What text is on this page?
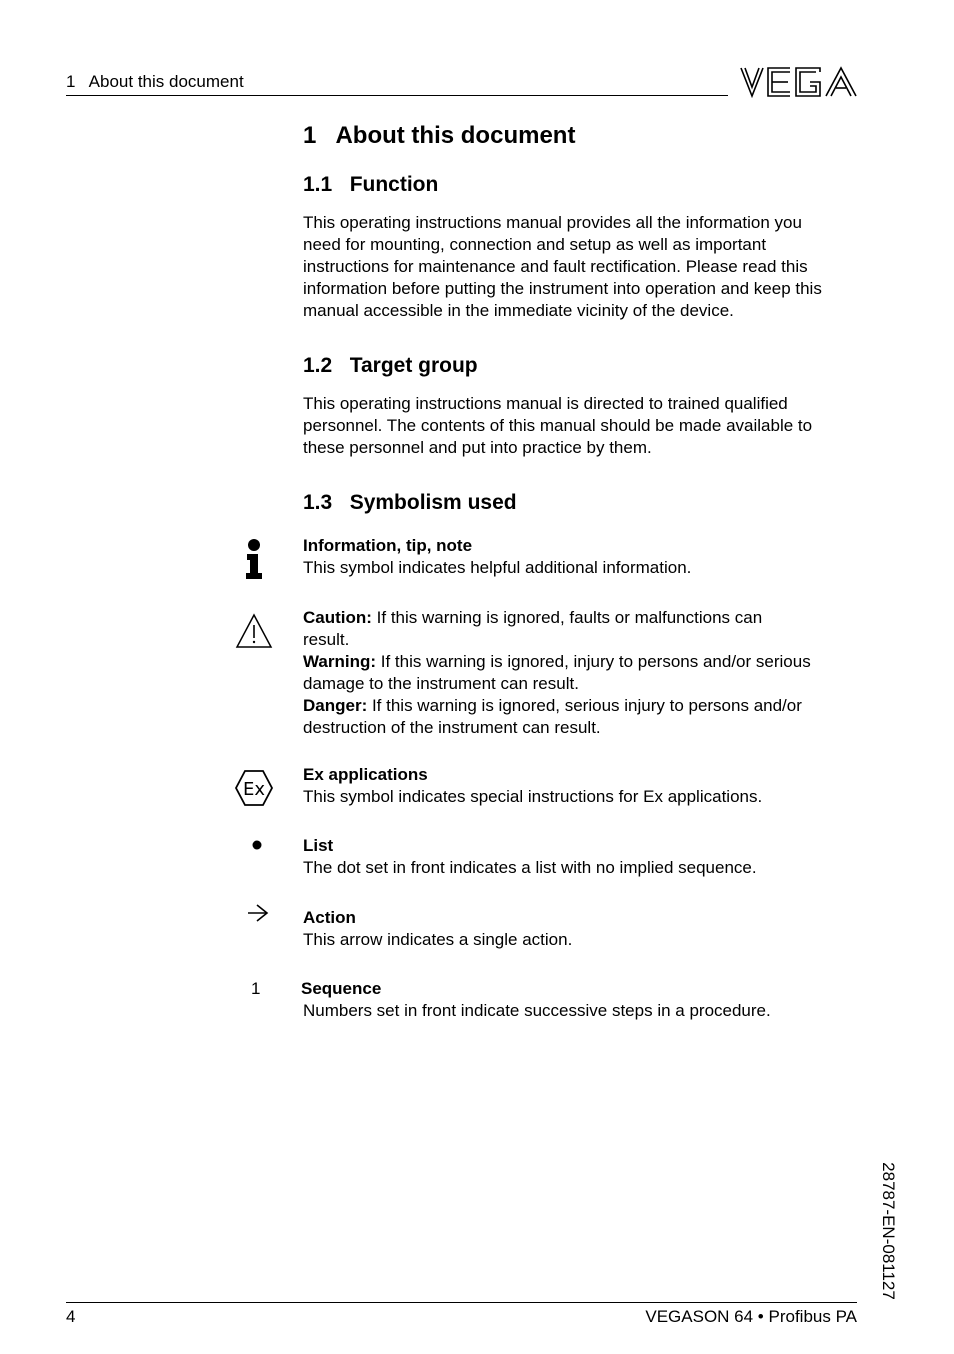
1   About this document
1   About this document
1.1   Function

This operating instructions manual provides all the information you

need for mounting, connection and setup as well as important

instructions for maintenance and fault rectification. Please read this

information before putting the instrument into operation and keep this

manual accessible in the immediate vicinity of the device.

1.2   Target group

This operating instructions manual is directed to trained qualified

personnel. The contents of this manual should be made available to

these personnel and put into practice by them.

1.3   Symbolism used

Information, tip, note

This symbol indicates helpful additional information.

Caution: If this warning is ignored, faults or malfunctions can

result.

Warning: If this warning is ignored, injury to persons and/or serious

damage to the instrument can result.

Danger: If this warning is ignored, serious injury to persons and/or

destruction of the instrument can result.

Ex

Ex applications

This symbol indicates special instructions for Ex applications.

List

The dot set in front indicates a list with no implied sequence.

Action

This arrow indicates a single action.

1 Sequence

Numbers set in front indicate successive steps in a procedure.

28787-EN-081127
4	VEGASON 64 • Profibus PA
